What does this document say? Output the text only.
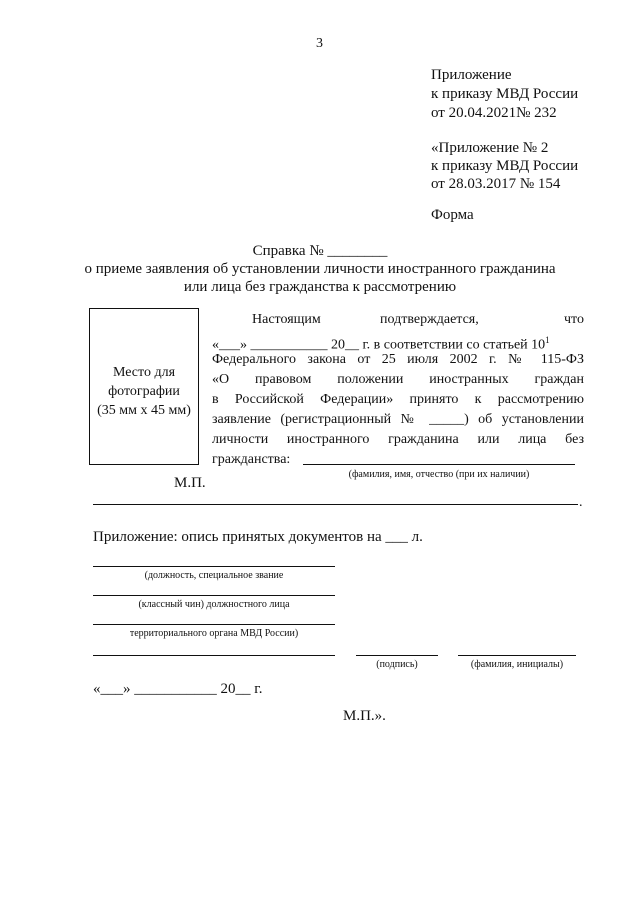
3
Приложение
к приказу МВД России
от 20.04.2021№ 232
«Приложение № 2
к приказу МВД России
от 28.03.2017 № 154
Форма
Справка № ________
о приеме заявления об установлении личности иностранного гражданина
или лица без гражданства к рассмотрению
Место для
фотографии
(35 мм х 45 мм)
Настоящим	подтверждается,	что
«___» ___________ 20__ г. в соответствии со статьей $10^1$
Федерального закона от 25 июля 2002 г. № 115-ФЗ
«О правовом положении иностранных граждан
в Российской Федерации» принято к рассмотрению
заявление (регистрационный № _____) об установлении
личности иностранного гражданина или лица без
гражданства:
(фамилия, имя, отчество (при их наличии)
М.П.
.
Приложение: опись принятых документов на ___ л.
(должность, специальное звание
(классный чин) должностного лица
территориального органа МВД России)
(подпись)	(фамилия, инициалы)
«___» ___________ 20__ г.
М.П.».
